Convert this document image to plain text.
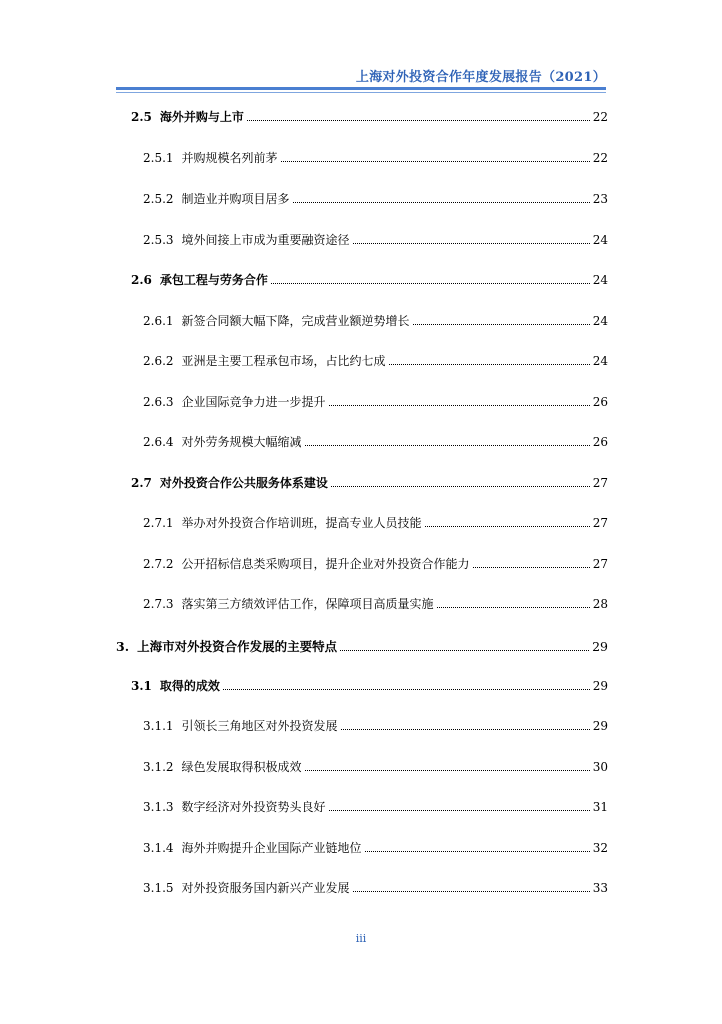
上海对外投资合作年度发展报告（2021）
2.5 海外并购与上市	22
2.5.1 并购规模名列前茅	22
2.5.2 制造业并购项目居多	23
2.5.3 境外间接上市成为重要融资途径	24
2.6 承包工程与劳务合作	24
2.6.1 新签合同额大幅下降，完成营业额逆势增长	24
2.6.2 亚洲是主要工程承包市场，占比约七成	24
2.6.3 企业国际竞争力进一步提升	26
2.6.4 对外劳务规模大幅缩减	26
2.7 对外投资合作公共服务体系建设	27
2.7.1 举办对外投资合作培训班，提高专业人员技能	27
2.7.2 公开招标信息类采购项目，提升企业对外投资合作能力	27
2.7.3 落实第三方绩效评估工作，保障项目高质量实施	28
3. 上海市对外投资合作发展的主要特点	29
3.1 取得的成效	29
3.1.1 引领长三角地区对外投资发展	29
3.1.2 绿色发展取得积极成效	30
3.1.3 数字经济对外投资势头良好	31
3.1.4 海外并购提升企业国际产业链地位	32
3.1.5 对外投资服务国内新兴产业发展	33
iii
